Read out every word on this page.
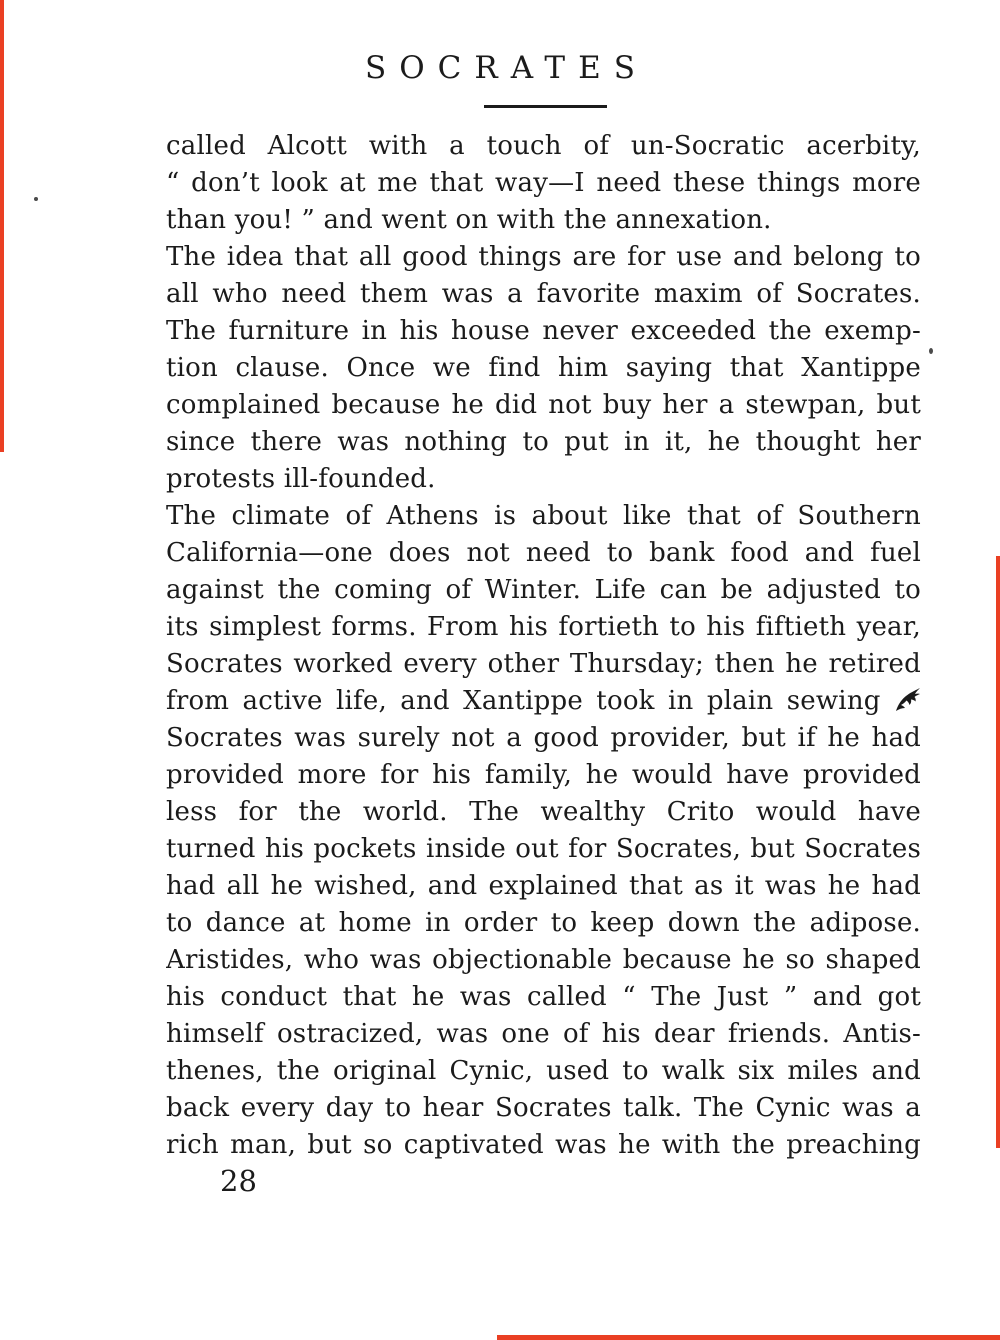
SOCRATES
called Alcott with a touch of un-Socratic acerbity,
“ don’t look at me that way—I need these things more
than you! ” and went on with the annexation.
The idea that all good things are for use and belong to
all who need them was a favorite maxim of Socrates.
The furniture in his house never exceeded the exemp-
tion clause. Once we find him saying that Xantippe
complained because he did not buy her a stewpan, but
since there was nothing to put in it, he thought her
protests ill-founded.
The climate of Athens is about like that of Southern
California—one does not need to bank food and fuel
against the coming of Winter. Life can be adjusted to
its simplest forms. From his fortieth to his fiftieth year,
Socrates worked every other Thursday; then he retired
from active life, and Xantippe took in plain sewing
Socrates was surely not a good provider, but if he had
provided more for his family, he would have provided
less for the world. The wealthy Crito would have
turned his pockets inside out for Socrates, but Socrates
had all he wished, and explained that as it was he had
to dance at home in order to keep down the adipose.
Aristides, who was objectionable because he so shaped
his conduct that he was called “ The Just ” and got
himself ostracized, was one of his dear friends. Antis-
thenes, the original Cynic, used to walk six miles and
back every day to hear Socrates talk. The Cynic was a
rich man, but so captivated was he with the preaching
28
